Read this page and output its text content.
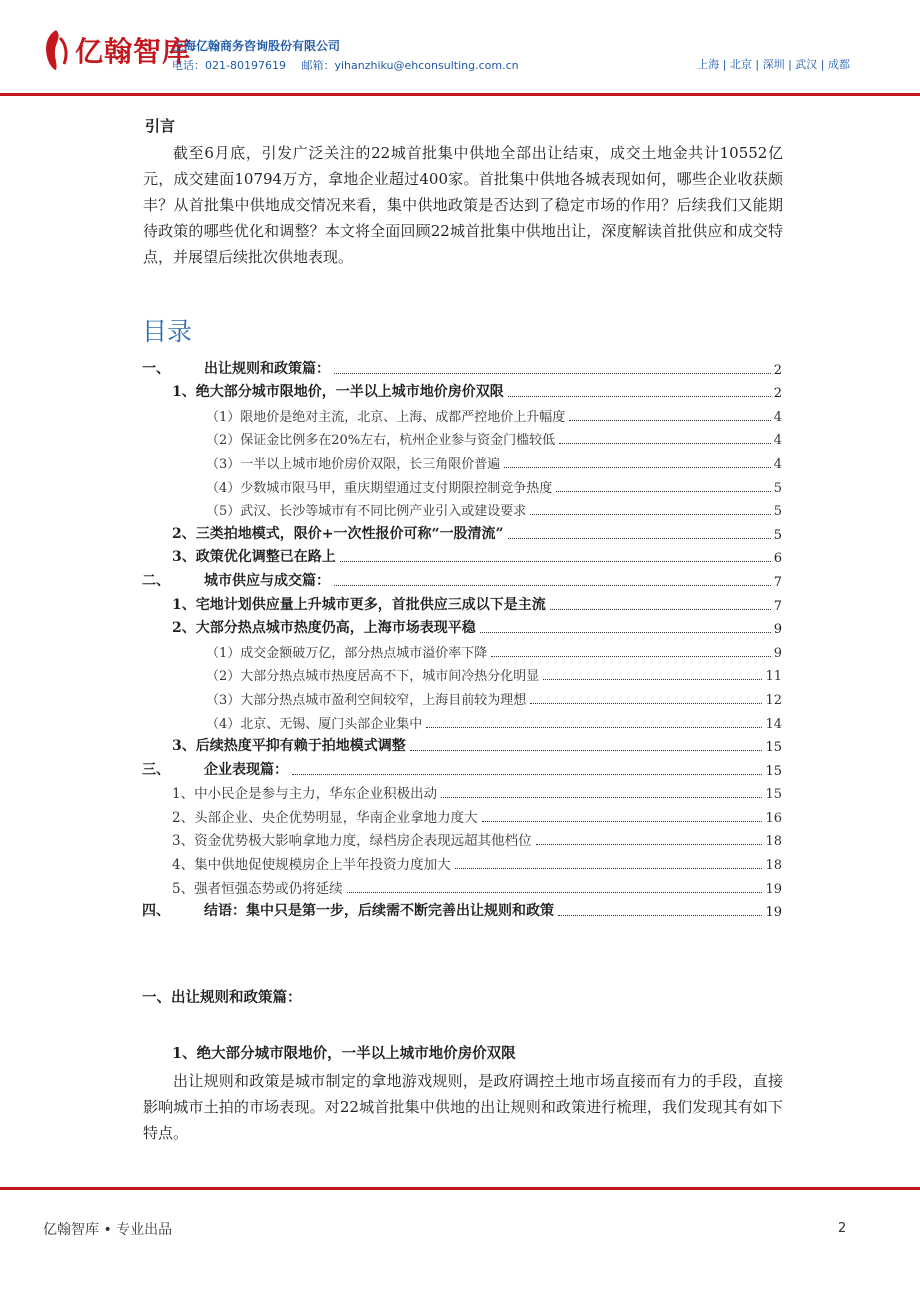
亿翰智库
上海亿翰商务咨询股份有限公司
电话：021-80197619 邮箱：yihanzhiku@ehconsulting.com.cn	上海 | 北京 | 深圳 | 武汉 | 成都
引言
截至6月底，引发广泛关注的22城首批集中供地全部出让结束，成交土地金共计10552亿元，成交建面10794万方，拿地企业超过400家。首批集中供地各城表现如何，哪些企业收获颇丰？从首批集中供地成交情况来看，集中供地政策是否达到了稳定市场的作用？后续我们又能期待政策的哪些优化和调整？本文将全面回顾22城首批集中供地出让，深度解读首批供应和成交特点，并展望后续批次供地表现。
目录
一、	出让规则和政策篇：	2
1、绝大部分城市限地价，一半以上城市地价房价双限	2
（1）限地价是绝对主流，北京、上海、成都严控地价上升幅度	4
（2）保证金比例多在20%左右，杭州企业参与资金门槛较低	4
（3）一半以上城市地价房价双限，长三角限价普遍	4
（4）少数城市限马甲，重庆期望通过支付期限控制竞争热度	5
（5）武汉、长沙等城市有不同比例产业引入或建设要求	5
2、三类拍地模式，限价+一次性报价可称“一股清流”	5
3、政策优化调整已在路上	6
二、	城市供应与成交篇：	7
1、宅地计划供应量上升城市更多，首批供应三成以下是主流	7
2、大部分热点城市热度仍高，上海市场表现平稳	9
（1）成交金额破万亿，部分热点城市溢价率下降	9
（2）大部分热点城市热度居高不下，城市间冷热分化明显	11
（3）大部分热点城市盈利空间较窄，上海目前较为理想	12
（4）北京、无锡、厦门头部企业集中	14
3、后续热度平抑有赖于拍地模式调整	15
三、	企业表现篇：	15
1、中小民企是参与主力，华东企业积极出动	15
2、头部企业、央企优势明显，华南企业拿地力度大	16
3、资金优势极大影响拿地力度，绿档房企表现远超其他档位	18
4、集中供地促使规模房企上半年投资力度加大	18
5、强者恒强态势或仍将延续	19
四、	结语：集中只是第一步，后续需不断完善出让规则和政策	19
一、出让规则和政策篇：
1、绝大部分城市限地价，一半以上城市地价房价双限
出让规则和政策是城市制定的拿地游戏规则，是政府调控土地市场直接而有力的手段，直接影响城市土拍的市场表现。对22城首批集中供地的出让规则和政策进行梳理，我们发现其有如下特点。
亿翰智库 • 专业出品	2
